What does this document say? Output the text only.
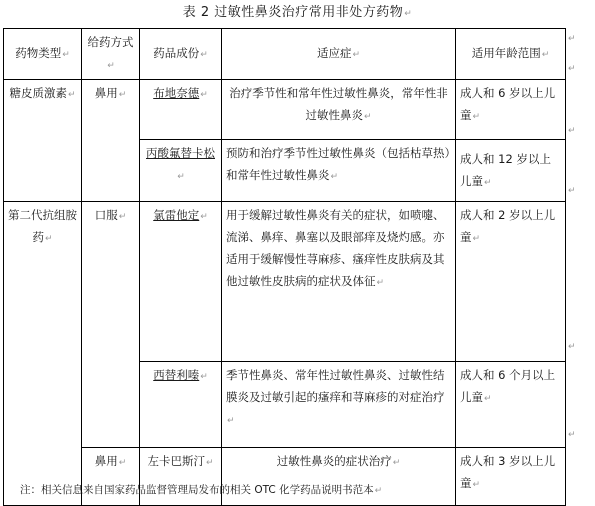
表 2 过敏性鼻炎治疗常用非处方药物↵
药物类型↵	给药方式↵	药品成份↵	适应症↵	适用年龄范围↵
糖皮质激素↵	鼻用↵	布地奈德↵	治疗季节性和常年性过敏性鼻炎，常年性非过敏性鼻炎↵	成人和 6 岁以上儿童↵
		丙酸氟替卡松↵	预防和治疗季节性过敏性鼻炎（包括枯草热）和常年性过敏性鼻炎↵	成人和 12 岁以上儿童↵
第二代抗组胺药↵	口服↵	氯雷他定↵	用于缓解过敏性鼻炎有关的症状，如喷嚏、流涕、鼻痒、鼻塞以及眼部痒及烧灼感。亦适用于缓解慢性荨麻疹、瘙痒性皮肤病及其他过敏性皮肤病的症状及体征↵	成人和 2 岁以上儿童↵
		西替利嗪↵	季节性鼻炎、常年性过敏性鼻炎、过敏性结膜炎及过敏引起的瘙痒和荨麻疹的对症治疗↵	成人和 6 个月以上儿童↵
	鼻用↵	左卡巴斯汀↵	过敏性鼻炎的症状治疗↵	成人和 3 岁以上儿童↵
↵
↵
↵
↵
↵
↵
注：相关信息来自国家药品监督管理局发布的相关 OTC 化学药品说明书范本↵
